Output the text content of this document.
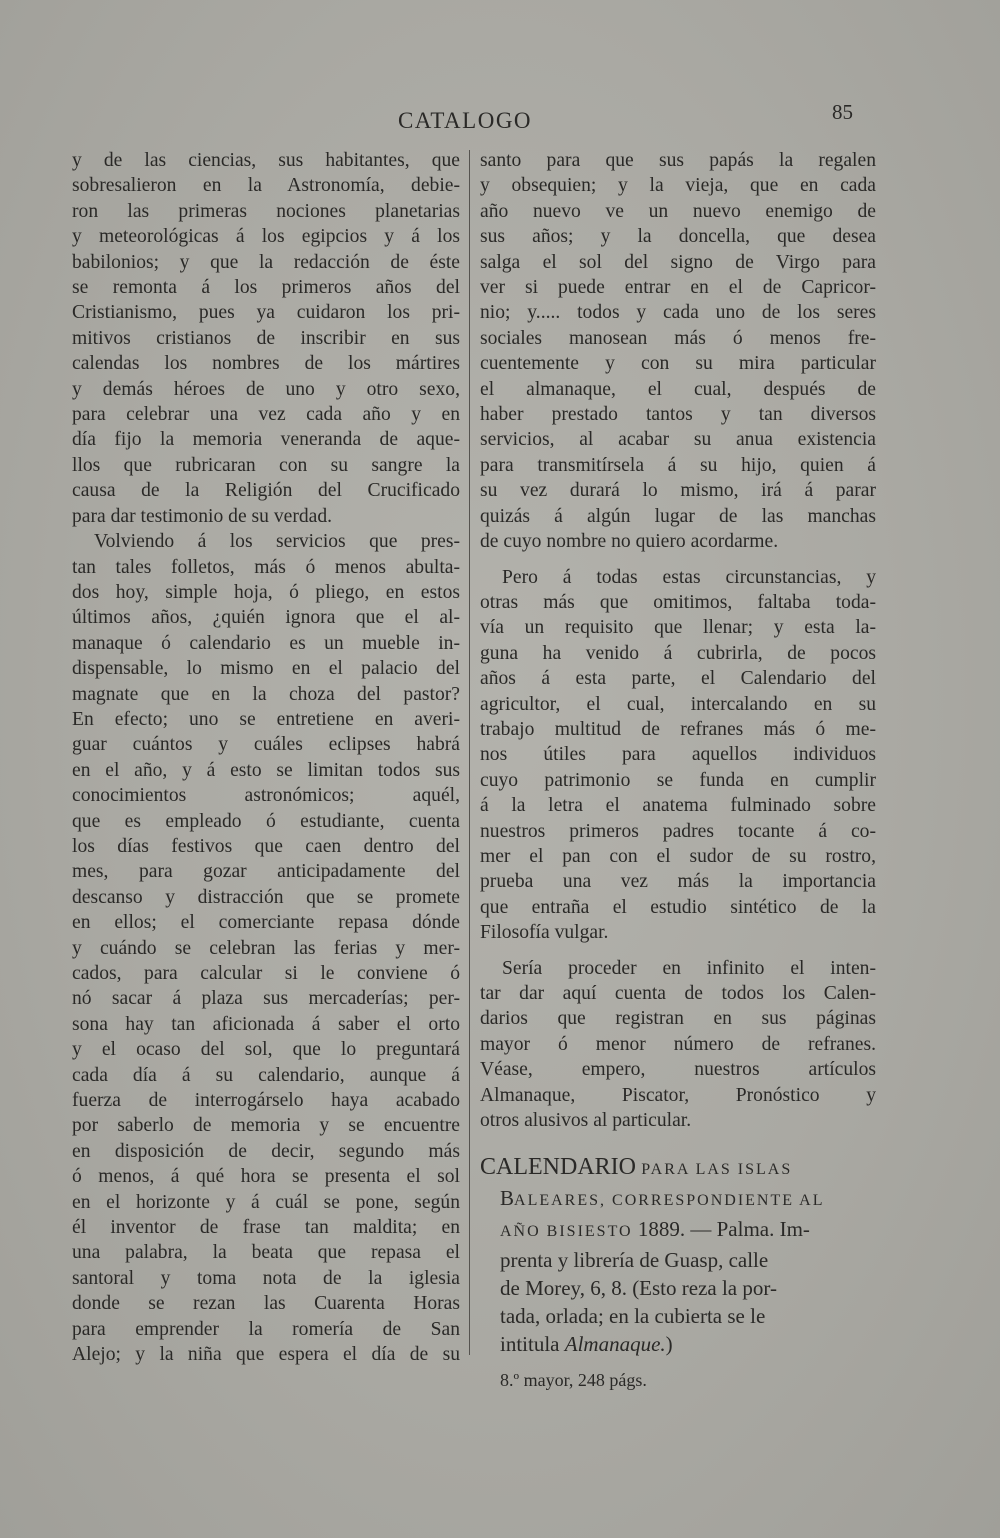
CATALOGO	85
y de las ciencias, sus habitantes, que
sobresalieron en la Astronomía, debie-
ron las primeras nociones planetarias
y meteorológicas á los egipcios y á los
babilonios; y que la redacción de éste
se remonta á los primeros años del
Cristianismo, pues ya cuidaron los pri-
mitivos cristianos de inscribir en sus
calendas los nombres de los mártires
y demás héroes de uno y otro sexo,
para celebrar una vez cada año y en
día fijo la memoria veneranda de aque-
llos que rubricaran con su sangre la
causa de la Religión del Crucificado
para dar testimonio de su verdad.
Volviendo á los servicios que pres-
tan tales folletos, más ó menos abulta-
dos hoy, simple hoja, ó pliego, en estos
últimos años, ¿quién ignora que el al-
manaque ó calendario es un mueble in-
dispensable, lo mismo en el palacio del
magnate que en la choza del pastor?
En efecto; uno se entretiene en averi-
guar cuántos y cuáles eclipses habrá
en el año, y á esto se limitan todos sus
conocimientos astronómicos; aquél,
que es empleado ó estudiante, cuenta
los días festivos que caen dentro del
mes, para gozar anticipadamente del
descanso y distracción que se promete
en ellos; el comerciante repasa dónde
y cuándo se celebran las ferias y mer-
cados, para calcular si le conviene ó
nó sacar á plaza sus mercaderías; per-
sona hay tan aficionada á saber el orto
y el ocaso del sol, que lo preguntará
cada día á su calendario, aunque á
fuerza de interrogárselo haya acabado
por saberlo de memoria y se encuentre
en disposición de decir, segundo más
ó menos, á qué hora se presenta el sol
en el horizonte y á cuál se pone, según
él inventor de frase tan maldita; en
una palabra, la beata que repasa el
santoral y toma nota de la iglesia
donde se rezan las Cuarenta Horas
para emprender la romería de San
Alejo; y la niña que espera el día de su
santo para que sus papás la regalen
y obsequien; y la vieja, que en cada
año nuevo ve un nuevo enemigo de
sus años; y la doncella, que desea
salga el sol del signo de Virgo para
ver si puede entrar en el de Capricor-
nio; y..... todos y cada uno de los seres
sociales manosean más ó menos fre-
cuentemente y con su mira particular
el almanaque, el cual, después de
haber prestado tantos y tan diversos
servicios, al acabar su anua existencia
para transmitírsela á su hijo, quien á
su vez durará lo mismo, irá á parar
quizás á algún lugar de las manchas
de cuyo nombre no quiero acordarme.
Pero á todas estas circunstancias, y
otras más que omitimos, faltaba toda-
vía un requisito que llenar; y esta la-
guna ha venido á cubrirla, de pocos
años á esta parte, el Calendario del
agricultor, el cual, intercalando en su
trabajo multitud de refranes más ó me-
nos útiles para aquellos individuos
cuyo patrimonio se funda en cumplir
á la letra el anatema fulminado sobre
nuestros primeros padres tocante á co-
mer el pan con el sudor de su rostro,
prueba una vez más la importancia
que entraña el estudio sintético de la
Filosofía vulgar.
Sería proceder en infinito el inten-
tar dar aquí cuenta de todos los Calen-
darios que registran en sus páginas
mayor ó menor número de refranes.
Véase, empero, nuestros artículos
Almanaque, Piscator, Pronóstico y
otros alusivos al particular.
CALENDARIO PARA LAS ISLAS
BALEARES, CORRESPONDIENTE AL
AÑO BISIESTO 1889. — Palma. Im-
prenta y librería de Guasp, calle
de Morey, 6, 8. (Esto reza la por-
tada, orlada; en la cubierta se le
intitula Almanaque.)
8.º mayor, 248 págs.
